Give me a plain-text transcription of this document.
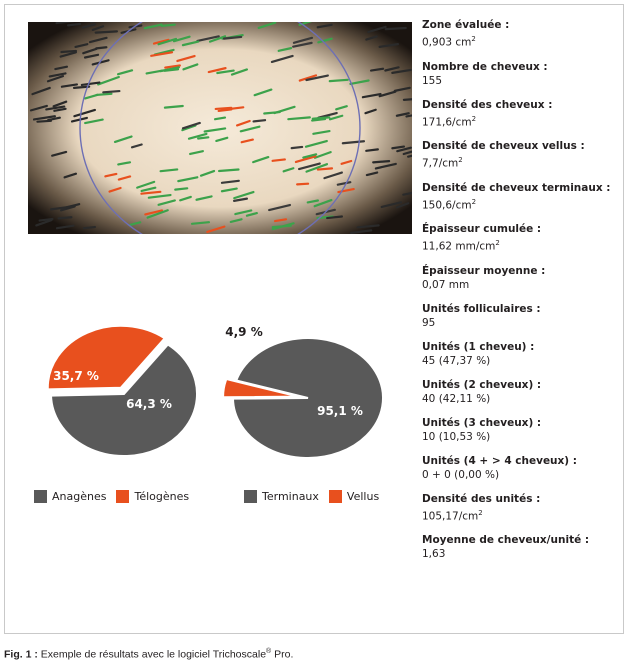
Zone évaluée :
0,903 $cm^2$
Nombre de cheveux :
155
Densité des cheveux :
$171,6/cm^2$
Densité de cheveux vellus :
$7,7/cm^2$
Densité de cheveux terminaux :
$150,6/cm^2$
Épaisseur cumulée :
11,62 $mm/cm^2$
Épaisseur moyenne :
0,07 mm
Unités folliculaires :
95
Unités (1 cheveu) :
45 (47,37 %)
Unités (2 cheveux) :
40 (42,11 %)
Unités (3 cheveux) :
10 (10,53 %)
Unités (4 + > 4 cheveux) :
0 + 0 (0,00 %)
Densité des unités :
$105,17/cm^2$
Moyenne de cheveux/unité :
1,63
64,3 %
35,7 %
95,1 %
4,9 %
Anagènes	Télogènes	Terminaux	Vellus
Fig. 1 : Exemple de résultats avec le logiciel Trichoscale® Pro.
